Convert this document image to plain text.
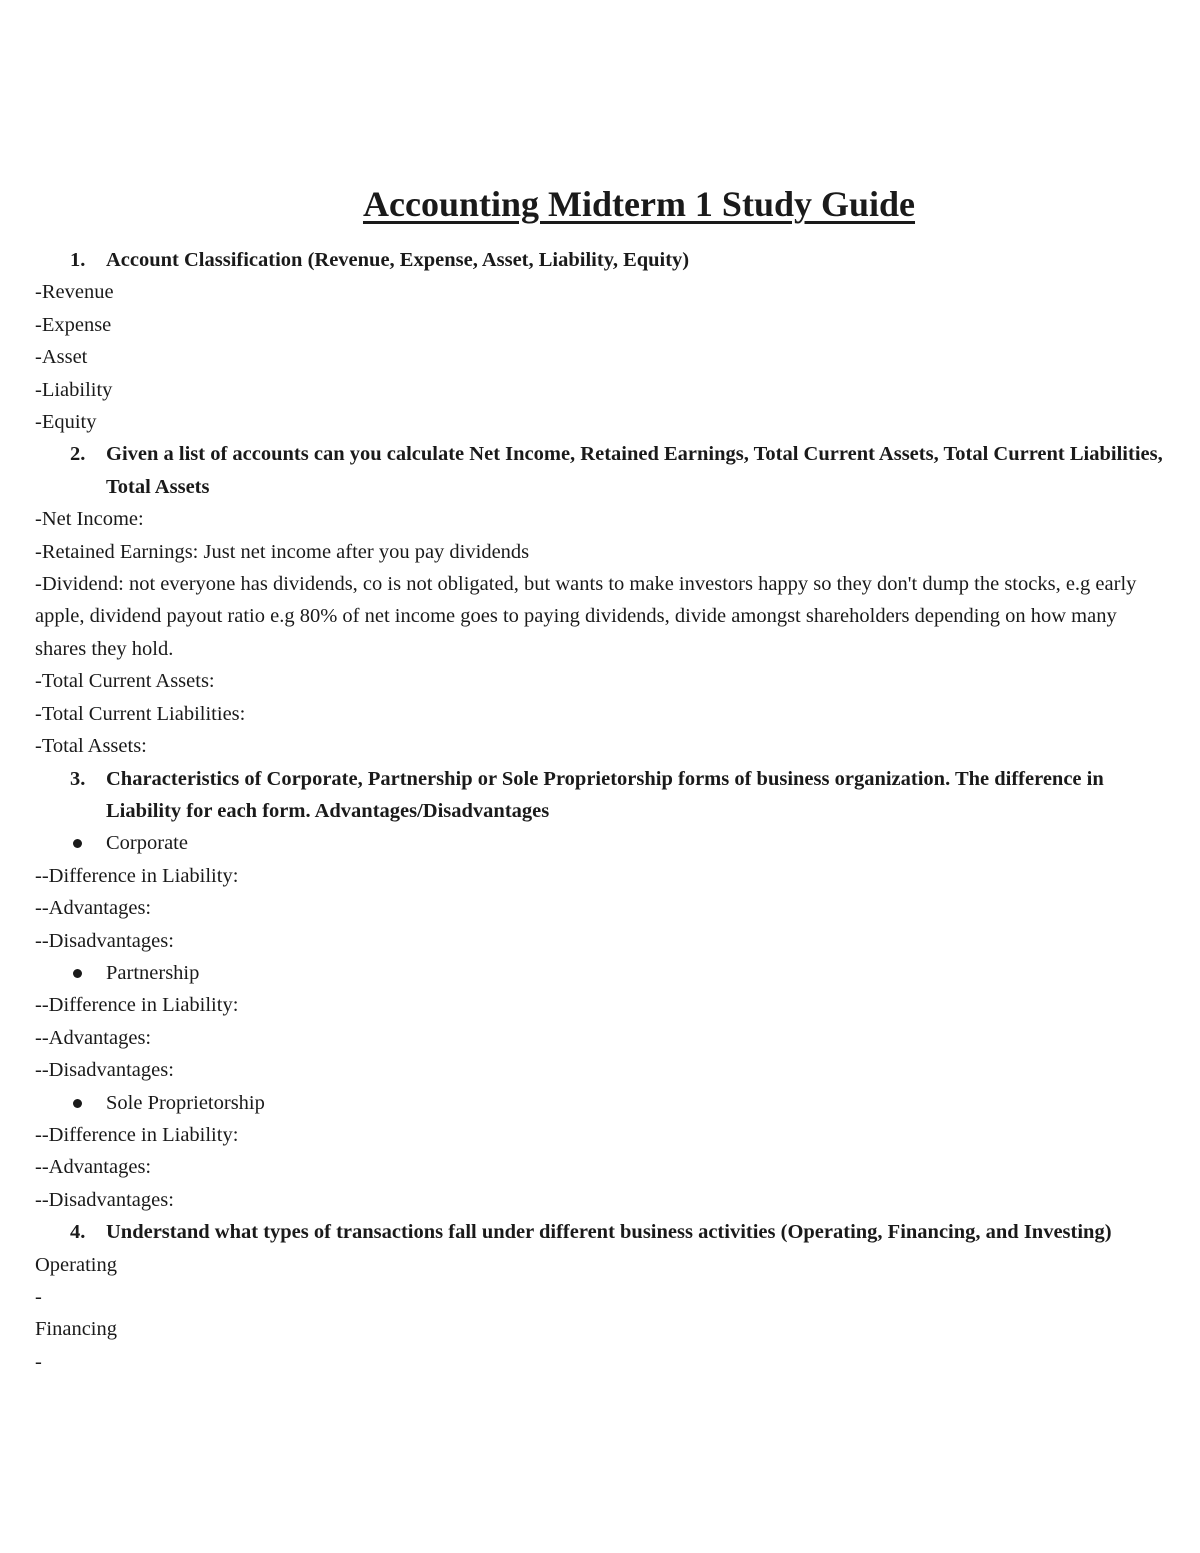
Accounting Midterm 1 Study Guide
1.	Account Classification (Revenue, Expense, Asset, Liability, Equity)
-Revenue
-Expense
-Asset
-Liability
-Equity
2.	Given a list of accounts can you calculate Net Income, Retained Earnings, Total Current Assets, Total Current Liabilities, Total Assets
-Net Income:
-Retained Earnings: Just net income after you pay dividends
-Dividend: not everyone has dividends, co is not obligated, but wants to make investors happy so they don't dump the stocks, e.g early apple, dividend payout ratio e.g 80% of net income goes to paying dividends, divide amongst shareholders depending on how many shares they hold.
-Total Current Assets:
-Total Current Liabilities:
-Total Assets:
3.	Characteristics of Corporate, Partnership or Sole Proprietorship forms of business organization. The difference in Liability for each form. Advantages/Disadvantages
Corporate
--Difference in Liability:
--Advantages:
--Disadvantages:
Partnership
--Difference in Liability:
--Advantages:
--Disadvantages:
Sole Proprietorship
--Difference in Liability:
--Advantages:
--Disadvantages:
4.	Understand what types of transactions fall under different business activities (Operating, Financing, and Investing)
Operating
-
Financing
-
